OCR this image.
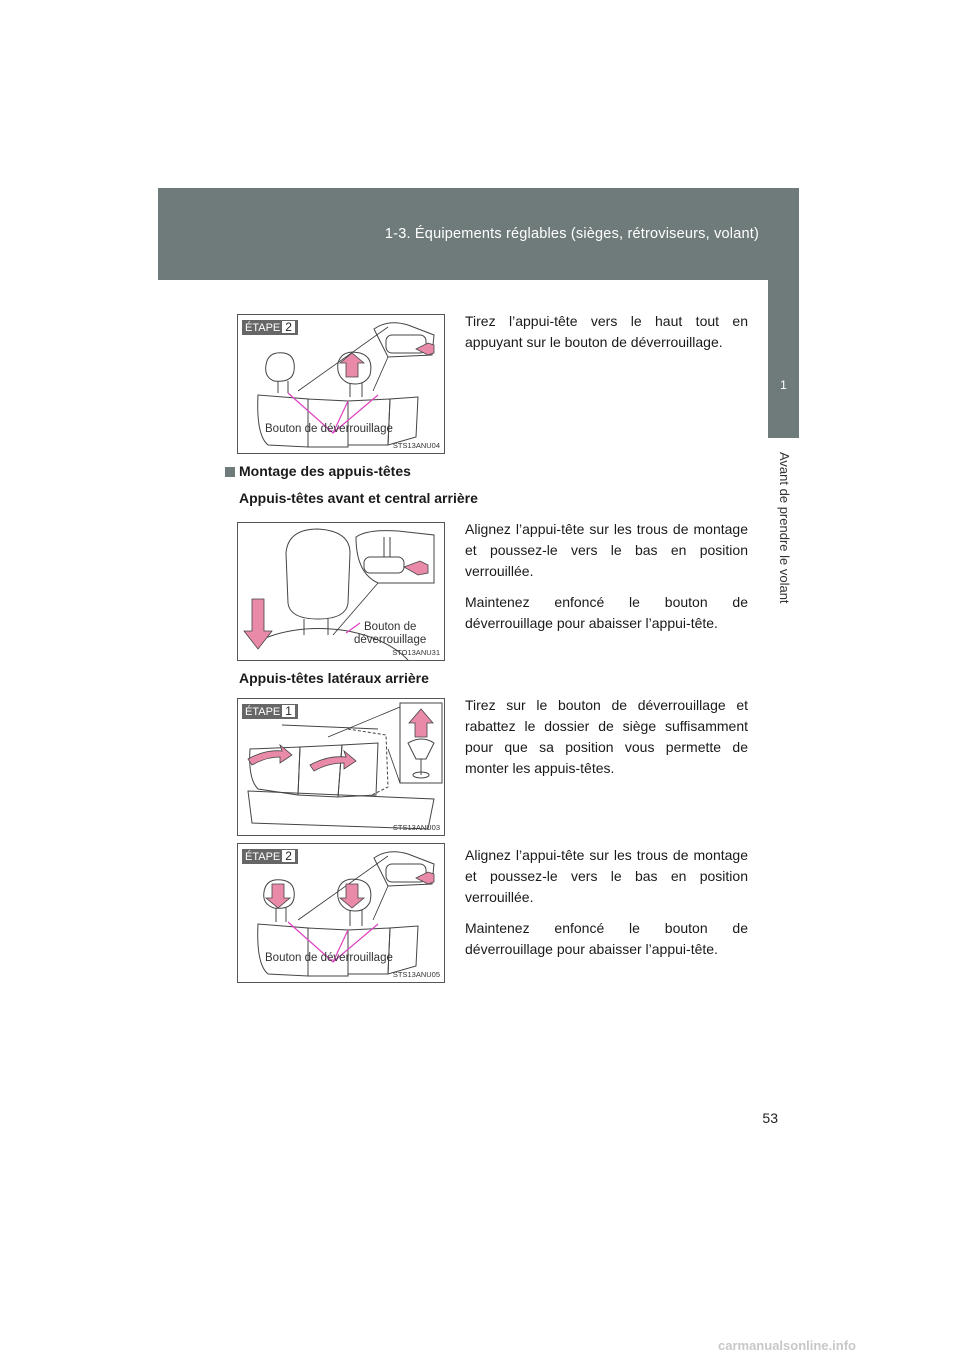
1-3. Équipements réglables (sièges, rétroviseurs, volant)
1
Avant de prendre le volant
ÉTAPE 2
Bouton de déverrouillage
STS13ANU04

Tirez l’appui-tête vers le haut tout en appuyant sur le bouton de déverrouillage.

Montage des appuis-têtes
Appuis-têtes avant et central arrière
Bouton de
déverrouillage
STO13ANU31

Alignez l’appui-tête sur les trous de montage et poussez-le vers le bas en position verrouillée.

Maintenez enfoncé le bouton de déverrouillage pour abaisser l’appui-tête.

Appuis-têtes latéraux arrière
ÉTAPE 1
STS13ANU03

Tirez sur le bouton de déverrouillage et rabattez le dossier de siège suffisamment pour que sa position vous permette de monter les appuis-têtes.

ÉTAPE 2
Bouton de déverrouillage
STS13ANU05

Alignez l’appui-tête sur les trous de montage et poussez-le vers le bas en position verrouillée.

Maintenez enfoncé le bouton de déverrouillage pour abaisser l’appui-tête.

53
carmanualsonline.info
